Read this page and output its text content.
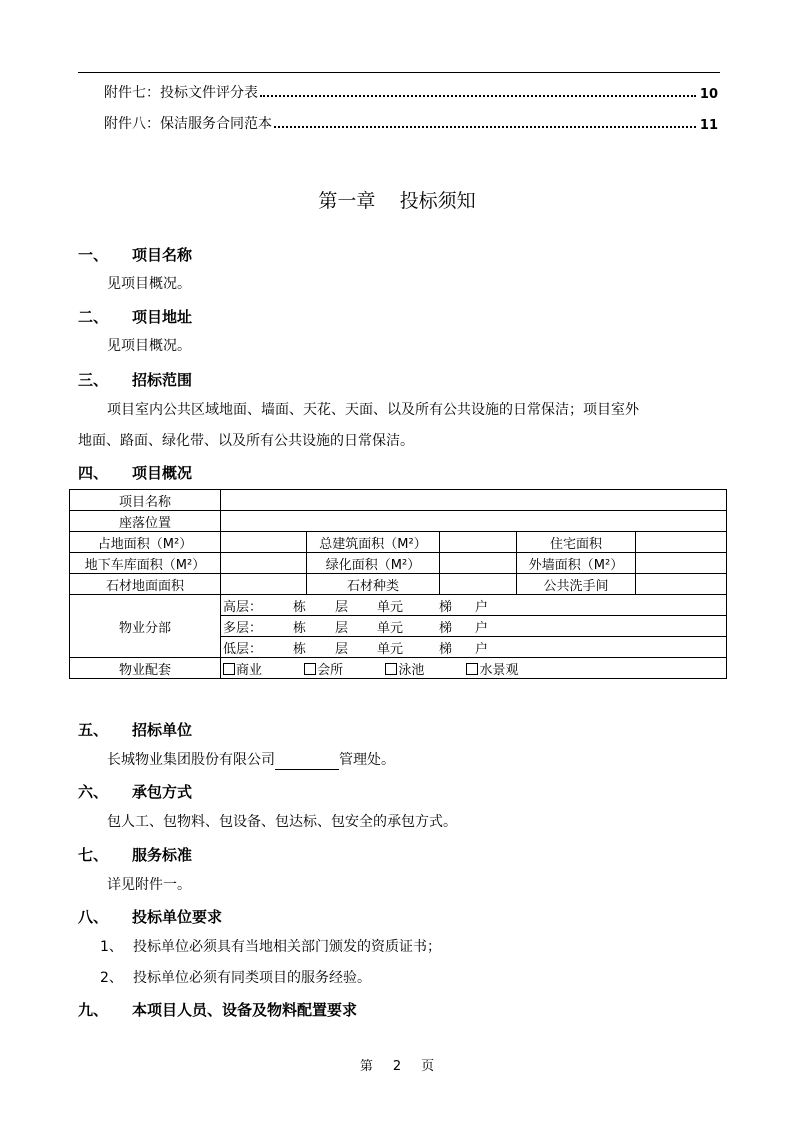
附件七：投标文件评分表	10
附件八：保洁服务合同范本	11
第一章    投标须知
一、	项目名称
见项目概况。
二、	项目地址
见项目概况。
三、	招标范围
项目室内公共区域地面、墙面、天花、天面、以及所有公共设施的日常保洁；项目室外
地面、路面、绿化带、以及所有公共设施的日常保洁。
四、	项目概况
项目名称					
座落位置					
占地面积（M²）		总建筑面积（M²）		住宅面积	
地下车库面积（M²）		绿化面积（M²）		外墙面积（M²）	
石材地面面积		石材种类		公共洗手间	
物业分部	高层： 栋 层 单元 梯 户				
	多层： 栋 层 单元 梯 户				
	低层： 栋 层 单元 梯 户				
物业配套	商业 会所 泳池 水景观				
五、	招标单位
长城物业集团股份有限公司	管理处。
六、	承包方式
包人工、包物料、包设备、包达标、包安全的承包方式。
七、	服务标准
详见附件一。
八、	投标单位要求
1、 投标单位必须具有当地相关部门颁发的资质证书；
2、 投标单位必须有同类项目的服务经验。
九、	本项目人员、设备及物料配置要求
第 2 页
